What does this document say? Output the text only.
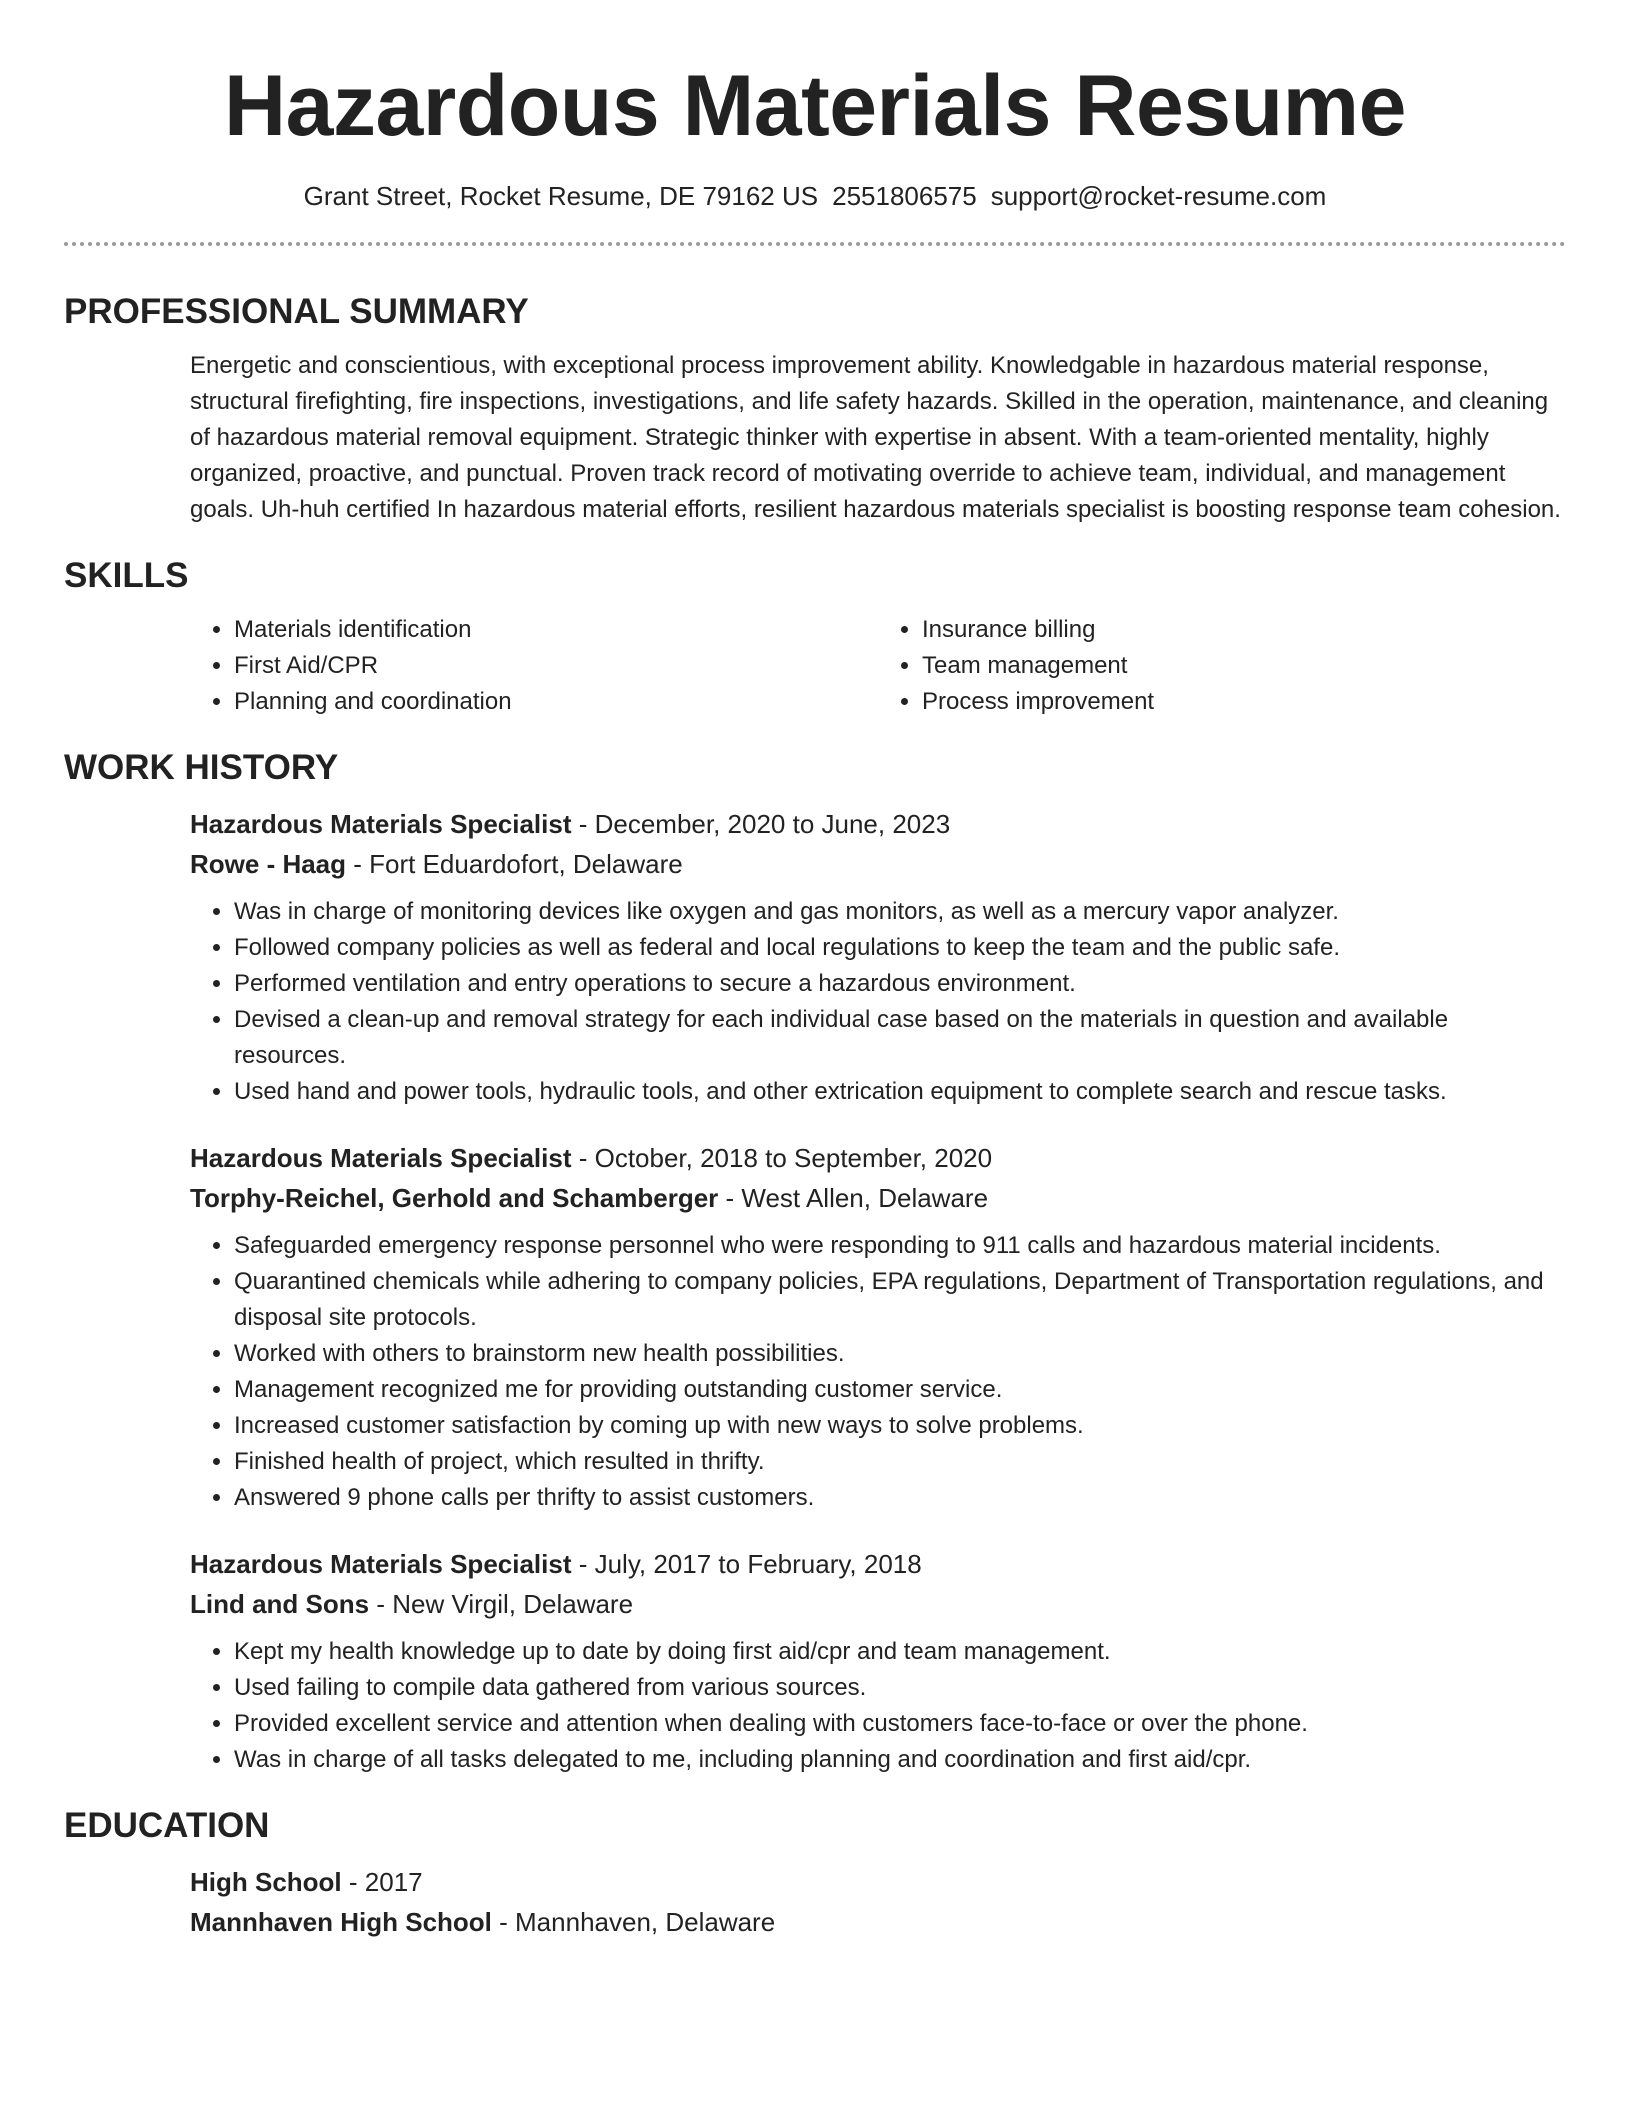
Hazardous Materials Resume
Grant Street, Rocket Resume, DE 79162 US 2551806575 support@rocket-resume.com
PROFESSIONAL SUMMARY

Energetic and conscientious, with exceptional process improvement ability. Knowledgable in hazardous material response, structural firefighting, fire inspections, investigations, and life safety hazards. Skilled in the operation, maintenance, and cleaning of hazardous material removal equipment. Strategic thinker with expertise in absent. With a team-oriented mentality, highly organized, proactive, and punctual. Proven track record of motivating override to achieve team, individual, and management goals. Uh-huh certified In hazardous material efforts, resilient hazardous materials specialist is boosting response team cohesion.

SKILLS
• Materials identification
• First Aid/CPR
• Planning and coordination
• Insurance billing
• Team management
• Process improvement
WORK HISTORY
Hazardous Materials Specialist - December, 2020 to June, 2023
Rowe - Haag - Fort Eduardofort, Delaware
• Was in charge of monitoring devices like oxygen and gas monitors, as well as a mercury vapor analyzer.
• Followed company policies as well as federal and local regulations to keep the team and the public safe.
• Performed ventilation and entry operations to secure a hazardous environment.
• Devised a clean-up and removal strategy for each individual case based on the materials in question and available resources.
• Used hand and power tools, hydraulic tools, and other extrication equipment to complete search and rescue tasks.
Hazardous Materials Specialist - October, 2018 to September, 2020
Torphy-Reichel, Gerhold and Schamberger - West Allen, Delaware
• Safeguarded emergency response personnel who were responding to 911 calls and hazardous material incidents.
• Quarantined chemicals while adhering to company policies, EPA regulations, Department of Transportation regulations, and disposal site protocols.
• Worked with others to brainstorm new health possibilities.
• Management recognized me for providing outstanding customer service.
• Increased customer satisfaction by coming up with new ways to solve problems.
• Finished health of project, which resulted in thrifty.
• Answered 9 phone calls per thrifty to assist customers.
Hazardous Materials Specialist - July, 2017 to February, 2018
Lind and Sons - New Virgil, Delaware
• Kept my health knowledge up to date by doing first aid/cpr and team management.
• Used failing to compile data gathered from various sources.
• Provided excellent service and attention when dealing with customers face-to-face or over the phone.
• Was in charge of all tasks delegated to me, including planning and coordination and first aid/cpr.
EDUCATION
High School - 2017
Mannhaven High School - Mannhaven, Delaware
